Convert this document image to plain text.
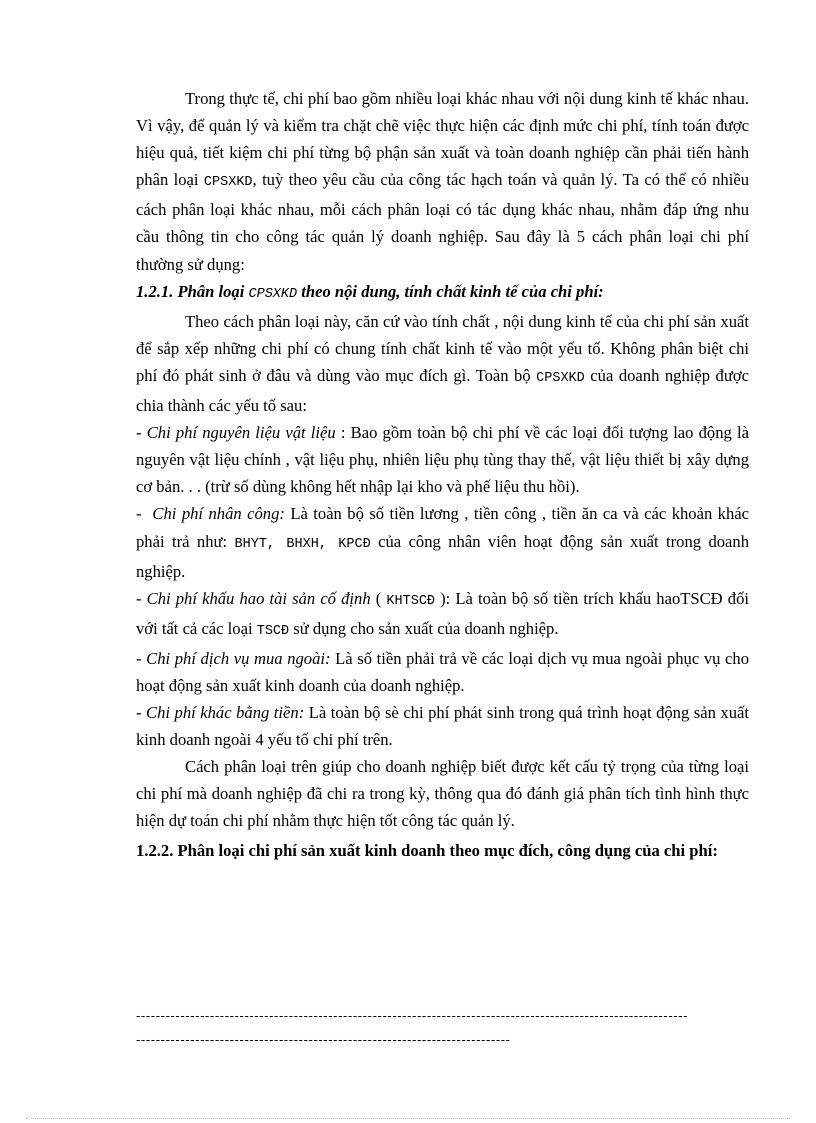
Trong thực tế, chi phí bao gồm nhiều loại khác nhau với nội dung kinh tế khác nhau. Vì vậy, để quản lý và kiểm tra chặt chẽ việc thực hiện các định mức chi phí, tính toán được hiệu quả, tiết kiệm chi phí từng bộ phận sản xuất và toàn doanh nghiệp cần phải tiến hành phân loại CPSXKD, tuỳ theo yêu cầu của công tác hạch toán và quản lý. Ta có thể có nhiều cách phân loại khác nhau, mỗi cách phân loại có tác dụng khác nhau, nhằm đáp ứng nhu cầu thông tin cho công tác quản lý doanh nghiệp. Sau đây là 5 cách phân loại chi phí thường sử dụng:

1.2.1. Phân loại CPSXKD theo nội dung, tính chất kinh tế của chi phí:

Theo cách phân loại này, căn cứ vào tính chất , nội dung kinh tế của chi phí sản xuất để sắp xếp những chi phí có chung tính chất kinh tế vào một yếu tố. Không phân biệt chi phí đó phát sinh ở đâu và dùng vào mục đích gì. Toàn bộ CPSXKD của doanh nghiệp được chia thành các yếu tố sau:

- Chi phí nguyên liệu vật liệu : Bao gồm toàn bộ chi phí về các loại đối tượng lao động là nguyên vật liệu chính , vật liệu phụ, nhiên liệu phụ tùng thay thế, vật liệu thiết bị xây dựng cơ bản. . . (trừ số dùng không hết nhập lại kho và phế liệu thu hồi).

-  Chi phí nhân công: Là toàn bộ số tiền lương , tiền công , tiền ăn ca và các khoản khác phải trả như: BHYT, BHXH, KPCĐ của công nhân viên hoạt động sản xuất trong doanh nghiệp.

- Chi phí khấu hao tài sản cố định ( KHTSCĐ ): Là toàn bộ số tiền trích khấu haoTSCĐ đối với tất cả các loại TSCĐ sử dụng cho sản xuất của doanh nghiệp.

- Chi phí dịch vụ mua ngoài: Là số tiền phải trả về các loại dịch vụ mua ngoài phục vụ cho hoạt động sản xuất kinh doanh của doanh nghiệp.

- Chi phí khác bằng tiền: Là toàn bộ sè chi phí phát sinh trong quá trình hoạt động sản xuất kinh doanh ngoài 4 yếu tố chi phí trên.

Cách phân loại trên giúp cho doanh nghiệp biết được kết cấu tỷ trọng của từng loại chi phí mà doanh nghiệp đã chi ra trong kỳ, thông qua đó đánh giá phân tích tình hình thực hiện dự toán chi phí nhằm thực hiện tốt công tác quản lý.

1.2.2. Phân loại chi phí sản xuất kinh doanh theo mục đích, công dụng của chi phí:

----------------------------------------------------------------------------------------------------------------
----------------------------------------------------------------------------
